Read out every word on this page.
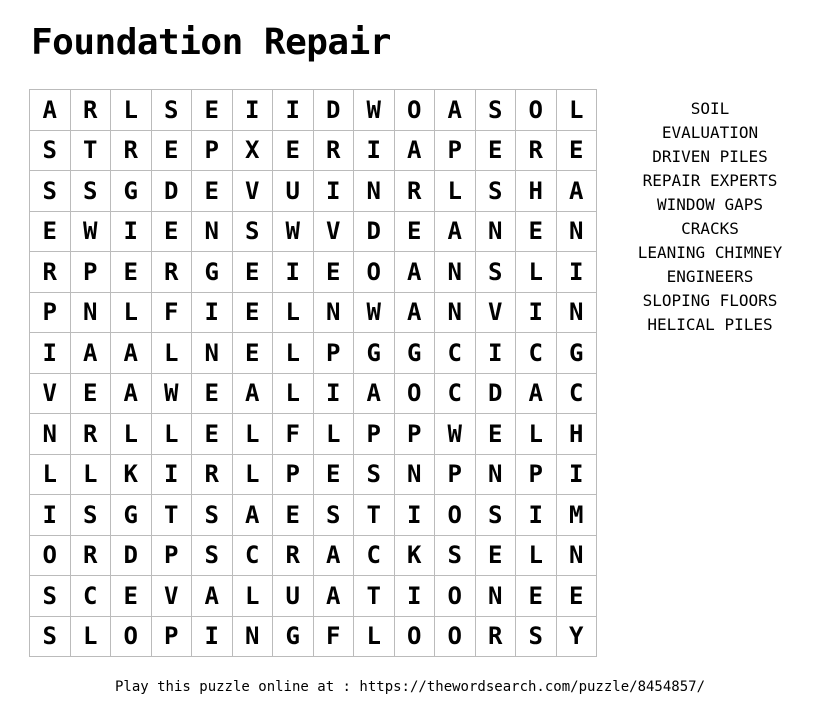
Foundation Repair
A	R	L	S	E	I	I	D	W	O	A	S	O	L
S	T	R	E	P	X	E	R	I	A	P	E	R	E
S	S	G	D	E	V	U	I	N	R	L	S	H	A
E	W	I	E	N	S	W	V	D	E	A	N	E	N
R	P	E	R	G	E	I	E	O	A	N	S	L	I
P	N	L	F	I	E	L	N	W	A	N	V	I	N
I	A	A	L	N	E	L	P	G	G	C	I	C	G
V	E	A	W	E	A	L	I	A	O	C	D	A	C
N	R	L	L	E	L	F	L	P	P	W	E	L	H
L	L	K	I	R	L	P	E	S	N	P	N	P	I
I	S	G	T	S	A	E	S	T	I	O	S	I	M
O	R	D	P	S	C	R	A	C	K	S	E	L	N
S	C	E	V	A	L	U	A	T	I	O	N	E	E
S	L	O	P	I	N	G	F	L	O	O	R	S	Y
SOIL
EVALUATION
DRIVEN PILES
REPAIR EXPERTS
WINDOW GAPS
CRACKS
LEANING CHIMNEY
ENGINEERS
SLOPING FLOORS
HELICAL PILES
Play this puzzle online at : https://thewordsearch.com/puzzle/8454857/
